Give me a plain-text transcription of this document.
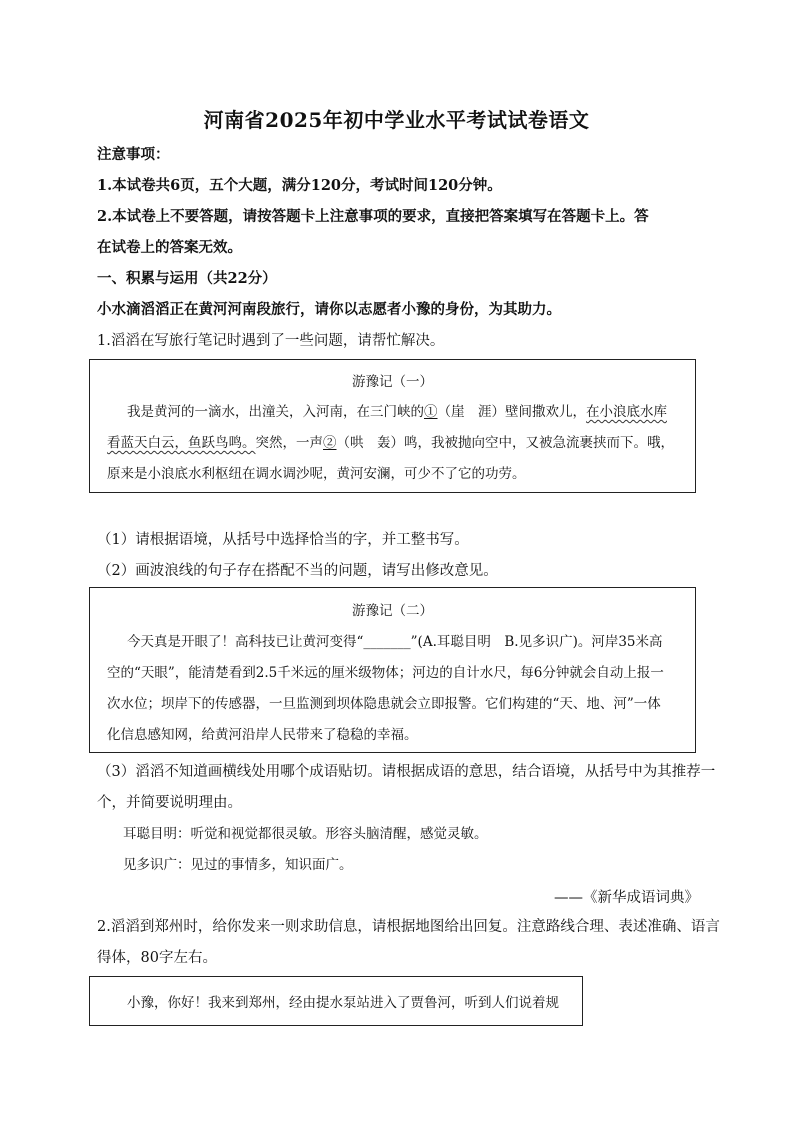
河南省2025年初中学业水平考试试卷语文
注意事项：
1.本试卷共6页，五个大题，满分120分，考试时间120分钟。
2.本试卷上不要答题，请按答题卡上注意事项的要求，直接把答案填写在答题卡上。答
在试卷上的答案无效。
一、积累与运用（共22分）
小水滴滔滔正在黄河河南段旅行，请你以志愿者小豫的身份，为其助力。
1.滔滔在写旅行笔记时遇到了一些问题，请帮忙解决。
游豫记（一）
我是黄河的一滴水，出潼关，入河南，在三门峡的①（崖　涯）壁间撒欢儿，在小浪底水库
看蓝天白云，鱼跃鸟鸣。突然，一声②（哄　轰）鸣，我被抛向空中，又被急流裹挟而下。哦，
原来是小浪底水利枢纽在调水调沙呢，黄河安澜，可少不了它的功劳。
（1）请根据语境，从括号中选择恰当的字，并工整书写。
（2）画波浪线的句子存在搭配不当的问题，请写出修改意见。
游豫记（二）
今天真是开眼了！高科技已让黄河变得“_______”(A.耳聪目明　B.见多识广)。河岸35米高
空的“天眼”，能清楚看到2.5千米远的厘米级物体；河边的自计水尺，每6分钟就会自动上报一
次水位；坝岸下的传感器，一旦监测到坝体隐患就会立即报警。它们构建的“天、地、河”一体
化信息感知网，给黄河沿岸人民带来了稳稳的幸福。
（3）滔滔不知道画横线处用哪个成语贴切。请根据成语的意思，结合语境，从括号中为其推荐一
个，并简要说明理由。
耳聪目明：听觉和视觉都很灵敏。形容头脑清醒，感觉灵敏。
见多识广：见过的事情多，知识面广。
——《新华成语词典》
2.滔滔到郑州时，给你发来一则求助信息，请根据地图给出回复。注意路线合理、表述准确、语言
得体，80字左右。
小豫，你好！我来到郑州，经由提水泵站进入了贾鲁河，听到人们说着规
